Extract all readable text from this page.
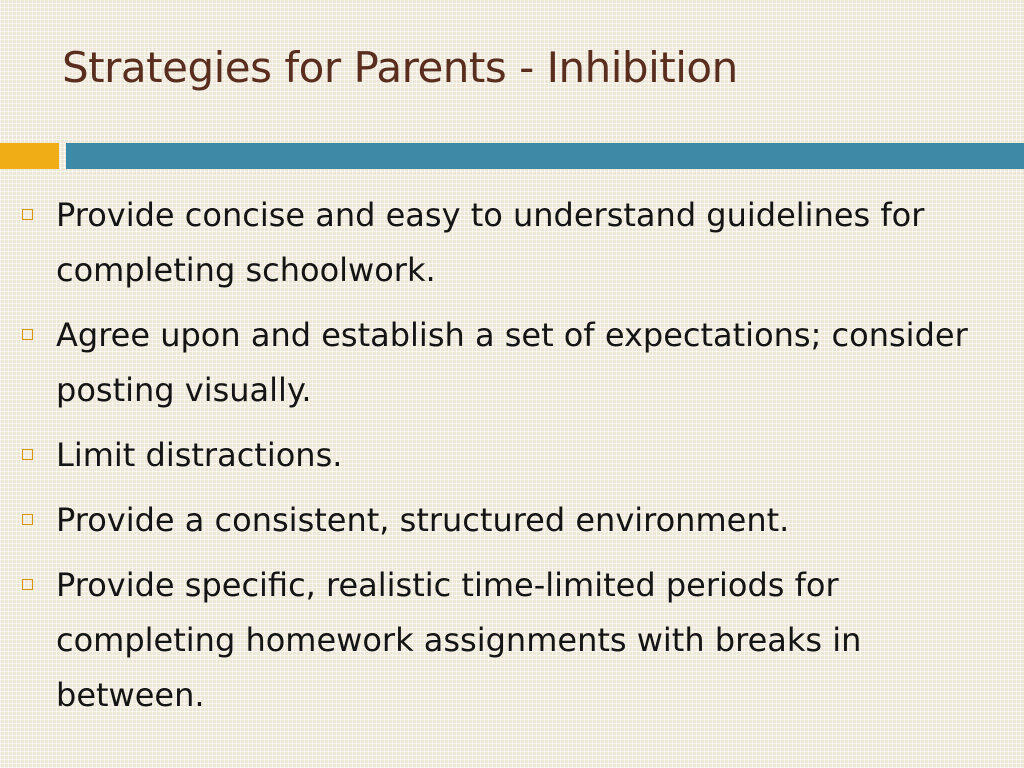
Strategies for Parents - Inhibition
Provide concise and easy to understand guidelines for completing schoolwork.
Agree upon and establish a set of expectations; consider posting visually.
Limit distractions.
Provide a consistent, structured environment.
Provide specific, realistic time-limited periods for completing homework assignments with breaks in between.
